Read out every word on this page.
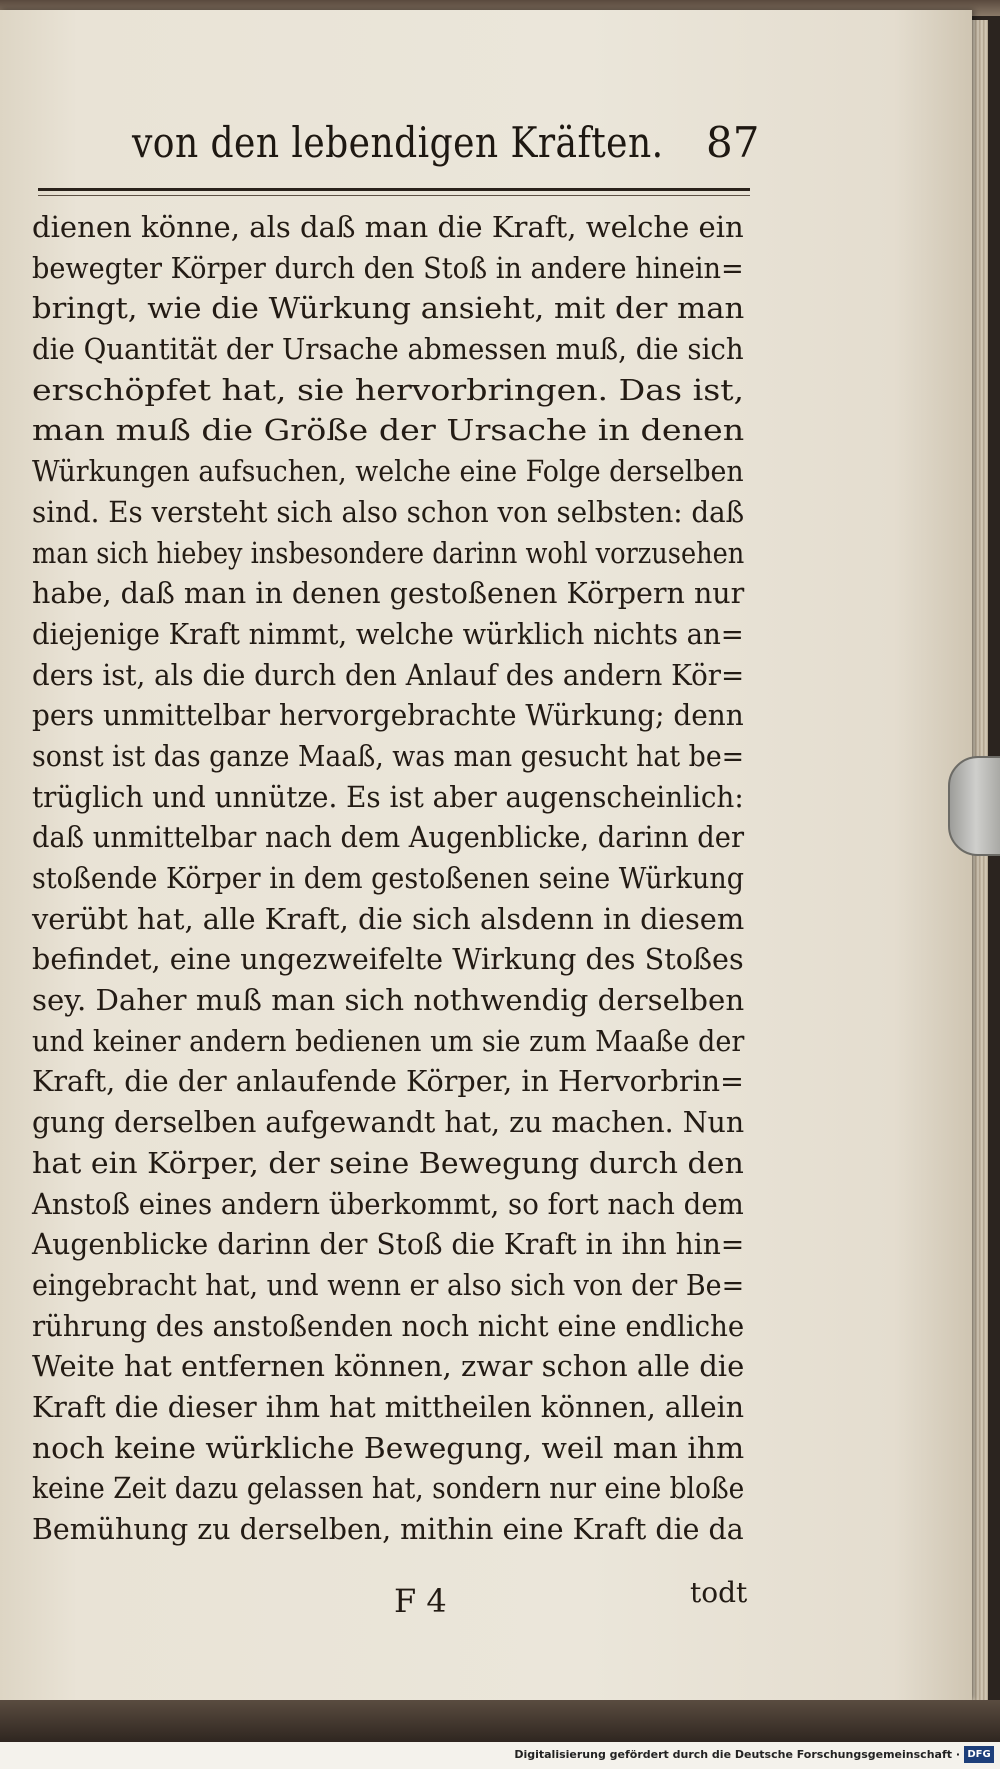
von den lebendigen Kräften.	87
dienen könne, als daß man die Kraft, welche ein
bewegter Körper durch den Stoß in andere hinein=
bringt, wie die Würkung ansieht, mit der man
die Quantität der Ursache abmessen muß, die sich
erschöpfet hat, sie hervorbringen. Das ist,
man muß die Größe der Ursache in denen
Würkungen aufsuchen, welche eine Folge derselben
sind. Es versteht sich also schon von selbsten: daß
man sich hiebey insbesondere darinn wohl vorzusehen
habe, daß man in denen gestoßenen Körpern nur
diejenige Kraft nimmt, welche würklich nichts an=
ders ist, als die durch den Anlauf des andern Kör=
pers unmittelbar hervorgebrachte Würkung; denn
sonst ist das ganze Maaß, was man gesucht hat be=
trüglich und unnütze. Es ist aber augenscheinlich:
daß unmittelbar nach dem Augenblicke, darinn der
stoßende Körper in dem gestoßenen seine Würkung
verübt hat, alle Kraft, die sich alsdenn in diesem
befindet, eine ungezweifelte Wirkung des Stoßes
sey. Daher muß man sich nothwendig derselben
und keiner andern bedienen um sie zum Maaße der
Kraft, die der anlaufende Körper, in Hervorbrin=
gung derselben aufgewandt hat, zu machen. Nun
hat ein Körper, der seine Bewegung durch den
Anstoß eines andern überkommt, so fort nach dem
Augenblicke darinn der Stoß die Kraft in ihn hin=
eingebracht hat, und wenn er also sich von der Be=
rührung des anstoßenden noch nicht eine endliche
Weite hat entfernen können, zwar schon alle die
Kraft die dieser ihm hat mittheilen können, allein
noch keine würkliche Bewegung, weil man ihm
keine Zeit dazu gelassen hat, sondern nur eine bloße
Bemühung zu derselben, mithin eine Kraft die da
F 4	todt
Digitalisierung gefördert durch die Deutsche Forschungsgemeinschaft · DFG
